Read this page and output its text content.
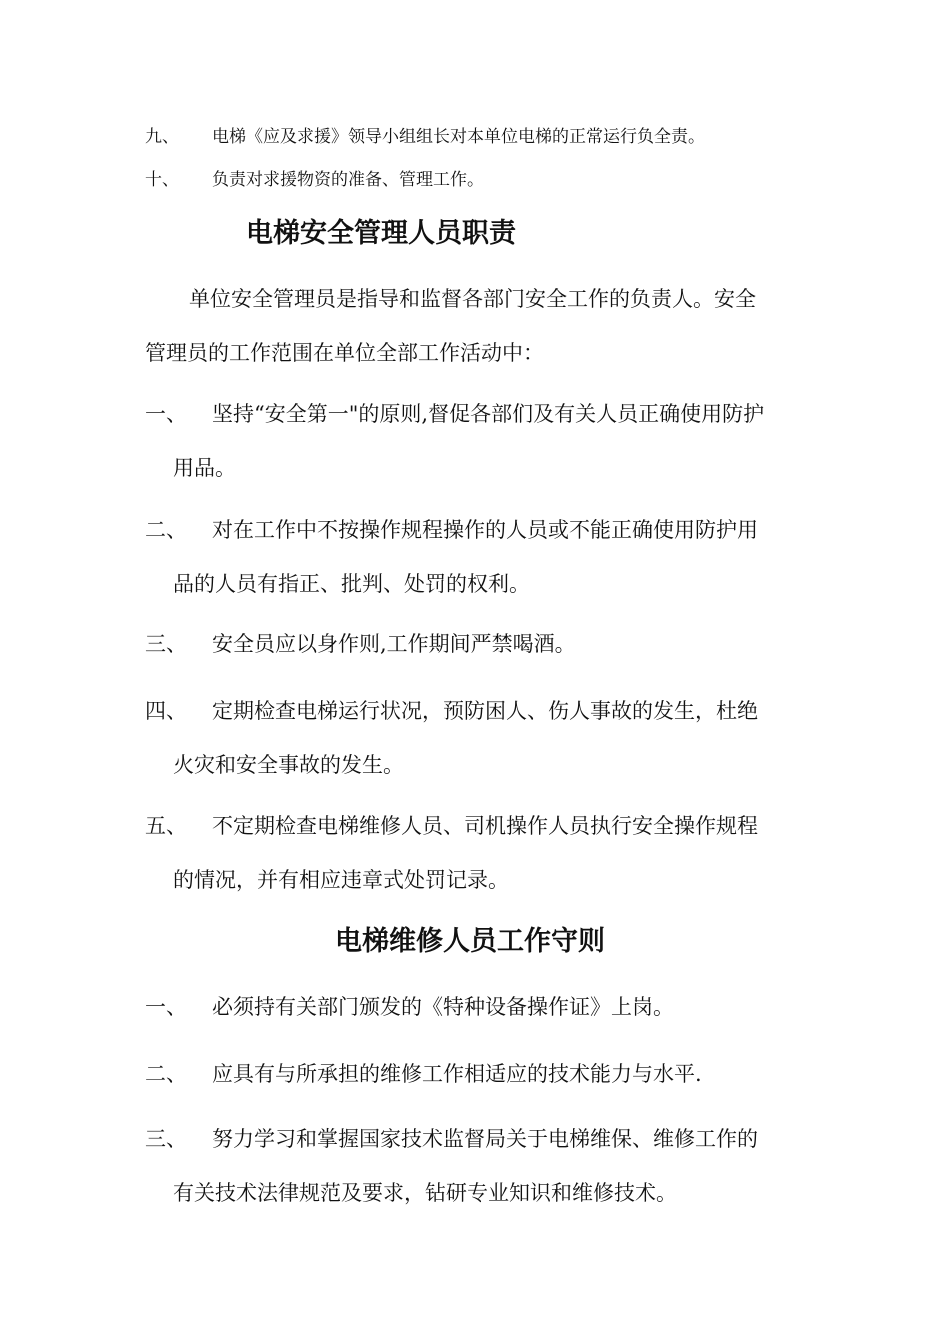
九、 电梯《应及求援》领导小组组长对本单位电梯的正常运行负全责。
十、 负责对求援物资的准备、管理工作。
电梯安全管理人员职责
单位安全管理员是指导和监督各部门安全工作的负责人。安全
管理员的工作范围在单位全部工作活动中：
一、 坚持“安全第一"的原则,督促各部们及有关人员正确使用防护
用品。
二、 对在工作中不按操作规程操作的人员或不能正确使用防护用
品的人员有指正、批判、处罚的权利。
三、 安全员应以身作则,工作期间严禁喝酒。
四、 定期检查电梯运行状况，预防困人、伤人事故的发生，杜绝
火灾和安全事故的发生。
五、 不定期检查电梯维修人员、司机操作人员执行安全操作规程
的情况，并有相应违章式处罚记录。
电梯维修人员工作守则
一、 必须持有关部门颁发的《特种设备操作证》上岗。
二、 应具有与所承担的维修工作相适应的技术能力与水平.
三、 努力学习和掌握国家技术监督局关于电梯维保、维修工作的
有关技术法律规范及要求，钻研专业知识和维修技术。
